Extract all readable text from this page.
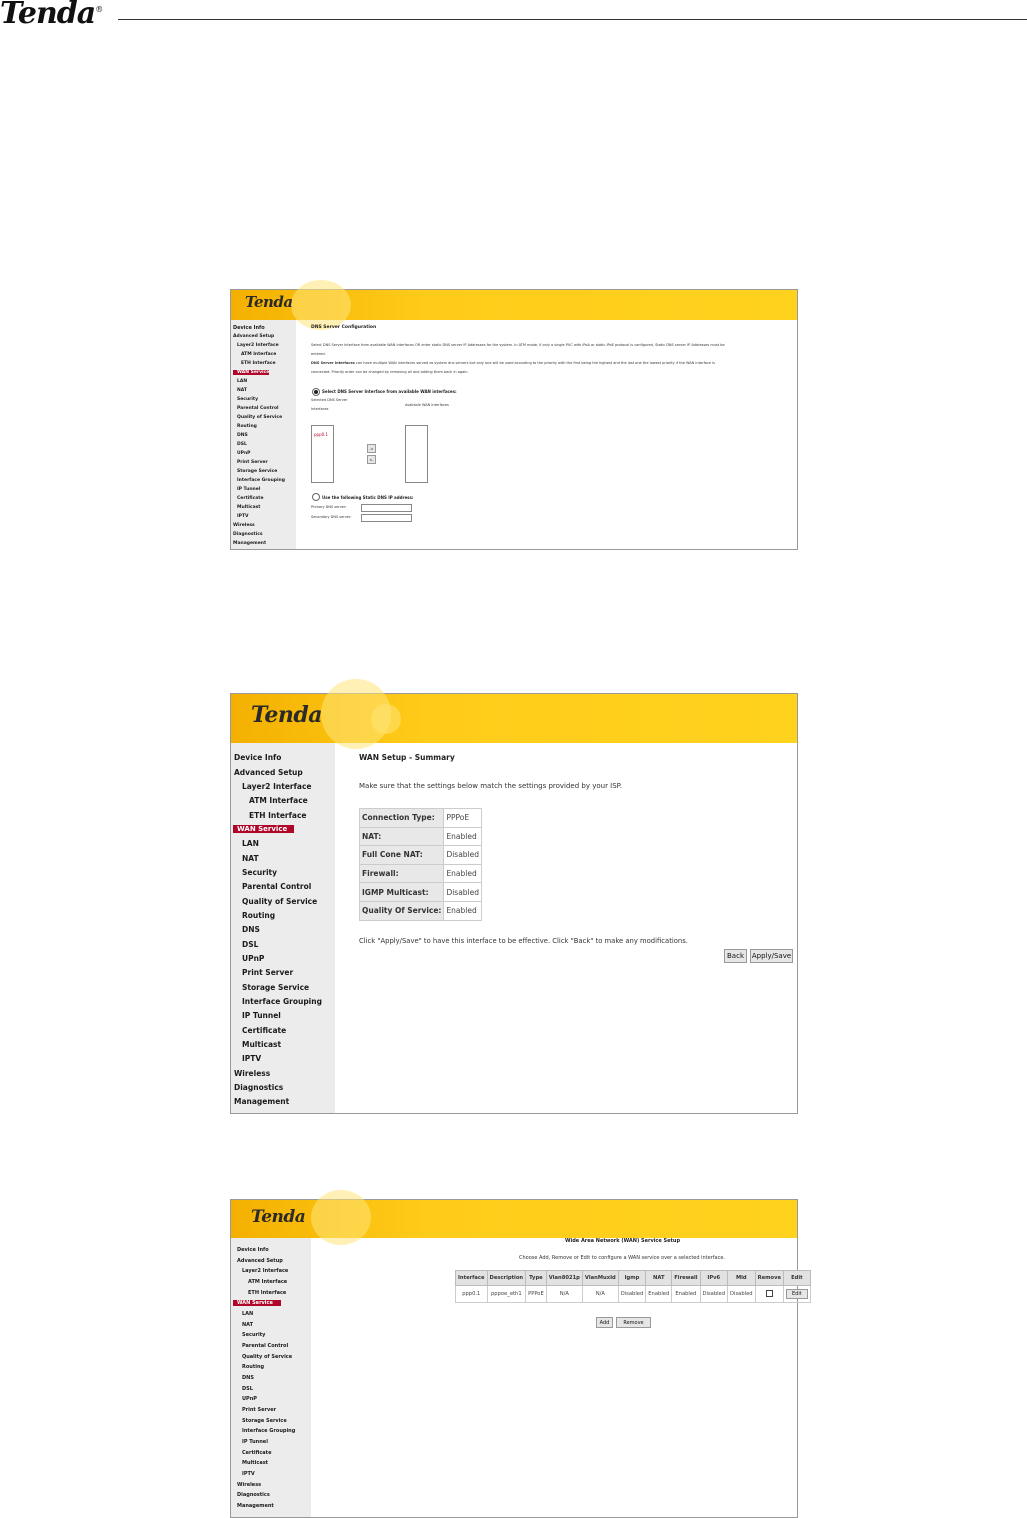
Tenda®
Tenda
Device Info
Advanced Setup
Layer2 Interface
ATM Interface
ETH Interface
WAN Service
LAN
NAT
Security
Parental Control
Quality of Service
Routing
DNS
DSL
UPnP
Print Server
Storage Service
Interface Grouping
IP Tunnel
Certificate
Multicast
IPTV
Wireless
Diagnostics
Management
DNS Server Configuration
Select DNS Server Interface from available WAN interfaces OR enter static DNS server IP Addresses for the system. In ATM mode, if only a single PVC with IPoA or static IPoE protocol is configured, Static DNS server IP Addresses must be
entered.
DNS Server Interfaces can have multiple WAN interfaces served as system dns servers but only one will be used according to the priority with the first being the highest and the last one the lowest priority if the WAN interface is
connected. Priority order can be changed by removing all and adding them back in again.
Select DNS Server Interface from available WAN interfaces:
Selected DNS Server
Interfaces
Available WAN Interfaces
ppp0.1
->
<-
Use the following Static DNS IP address:
Primary DNS server:
Secondary DNS server:
Tenda
Device Info
Advanced Setup
Layer2 Interface
ATM Interface
ETH Interface
WAN Service
LAN
NAT
Security
Parental Control
Quality of Service
Routing
DNS
DSL
UPnP
Print Server
Storage Service
Interface Grouping
IP Tunnel
Certificate
Multicast
IPTV
Wireless
Diagnostics
Management
WAN Setup - Summary
Make sure that the settings below match the settings provided by your ISP.
Connection Type:	PPPoE
NAT:	Enabled
Full Cone NAT:	Disabled
Firewall:	Enabled
IGMP Multicast:	Disabled
Quality Of Service:	Enabled
Click "Apply/Save" to have this interface to be effective. Click "Back" to make any modifications.
Back	Apply/Save
Tenda
Device Info
Advanced Setup
Layer2 Interface
ATM Interface
ETH Interface
WAN Service
LAN
NAT
Security
Parental Control
Quality of Service
Routing
DNS
DSL
UPnP
Print Server
Storage Service
Interface Grouping
IP Tunnel
Certificate
Multicast
IPTV
Wireless
Diagnostics
Management
Wide Area Network (WAN) Service Setup
Choose Add, Remove or Edit to configure a WAN service over a selected interface.
Interface	Description	Type	Vlan8021p	VlanMuxId	Igmp	NAT	Firewall	IPv6	Mld	Remove	Edit
ppp0.1	pppoe_eth1	PPPoE	N/A	N/A	Disabled	Enabled	Enabled	Disabled	Disabled		Edit
Add	Remove
